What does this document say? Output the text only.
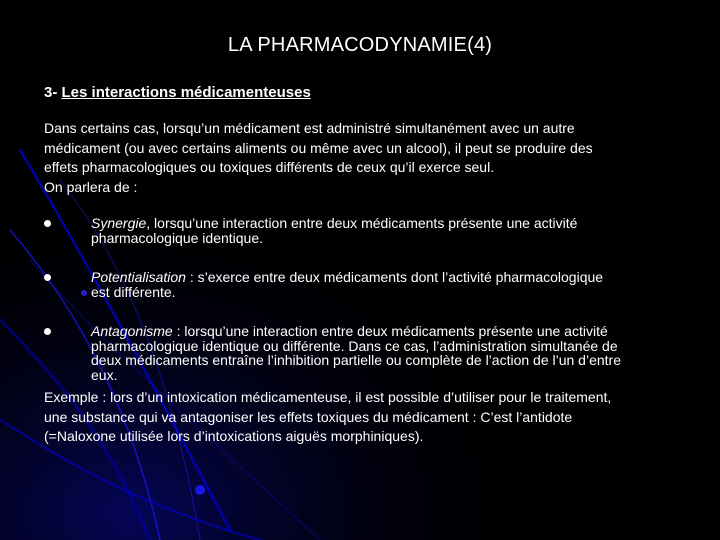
LA PHARMACODYNAMIE(4)
3- Les interactions médicamenteuses
Dans certains cas, lorsqu’un médicament est administré simultanément avec un autre
médicament (ou avec certains aliments ou même avec un alcool), il peut se produire des
effets pharmacologiques ou toxiques différents de ceux qu’il exerce seul.
On parlera de :
Synergie, lorsqu’une interaction entre deux médicaments présente une activité
pharmacologique identique.
Potentialisation : s’exerce entre deux médicaments dont l’activité pharmacologique
est différente.
Antagonisme : lorsqu’une interaction entre deux médicaments présente une activité
pharmacologique identique ou différente. Dans ce cas, l’administration simultanée de
deux médicaments entraîne l’inhibition partielle ou complète de l’action de l’un d’entre
eux.
Exemple : lors d’un intoxication médicamenteuse, il est possible d’utiliser pour le traitement,
une substance qui va antagoniser les effets toxiques du médicament : C’est l’antidote
(=Naloxone utilisée lors d’intoxications aiguës morphiniques).
